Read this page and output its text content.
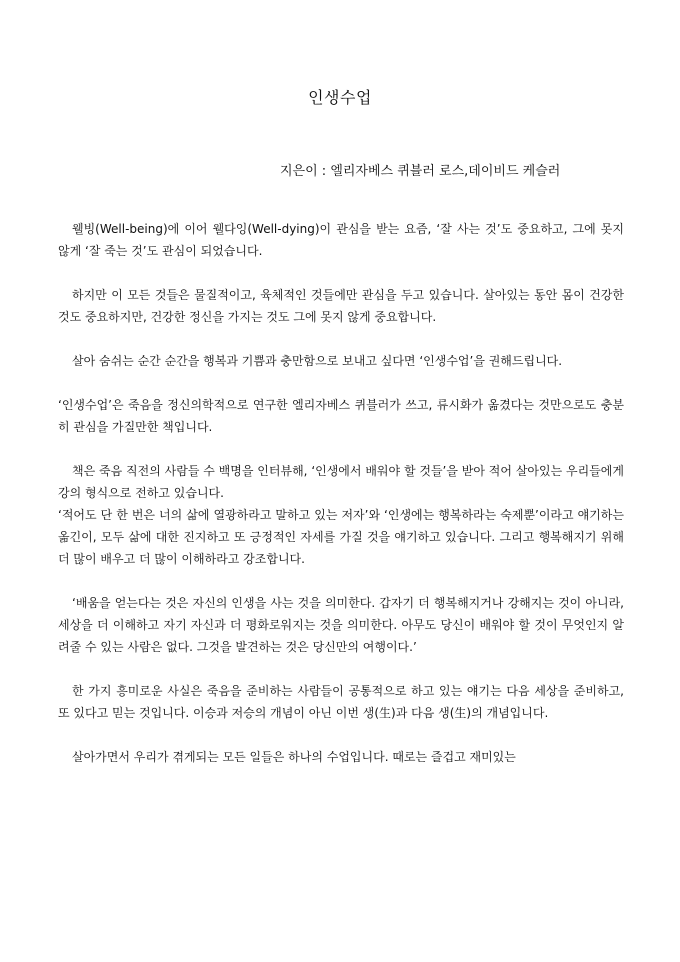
인생수업
지은이 : 엘리자베스 퀴블러 로스,데이비드 케슬러

웰빙(Well-being)에 이어 웰다잉(Well-dying)이 관심을 받는 요즘, ‘잘 사는 것’도 중요하고, 그에 못지 않게 ‘잘 죽는 것’도 관심이 되었습니다.

하지만 이 모든 것들은 물질적이고, 육체적인 것들에만 관심을 두고 있습니다. 살아있는 동안 몸이 건강한 것도 중요하지만, 건강한 정신을 가지는 것도 그에 못지 않게 중요합니다.

살아 숨쉬는 순간 순간을 행복과 기쁨과 충만함으로 보내고 싶다면 ‘인생수업’을 권해드립니다.

‘인생수업’은 죽음을 정신의학적으로 연구한 엘리자베스 퀴블러가 쓰고, 류시화가 옮겼다는 것만으로도 충분히 관심을 가질만한 책입니다.

책은 죽음 직전의 사람들 수 백명을 인터뷰해, ‘인생에서 배워야 할 것들’을 받아 적어 살아있는 우리들에게 강의 형식으로 전하고 있습니다.

‘적어도 단 한 번은 너의 삶에 열광하라고 말하고 있는 저자’와 ‘인생에는 행복하라는 숙제뿐’이라고 얘기하는 옮긴이, 모두 삶에 대한 진지하고 또 긍정적인 자세를 가질 것을 얘기하고 있습니다. 그리고 행복해지기 위해 더 많이 배우고 더 많이 이해하라고 강조합니다.

‘배움을 얻는다는 것은 자신의 인생을 사는 것을 의미한다. 갑자기 더 행복해지거나 강해지는 것이 아니라, 세상을 더 이해하고 자기 자신과 더 평화로워지는 것을 의미한다. 아무도 당신이 배워야 할 것이 무엇인지 알려줄 수 있는 사람은 없다. 그것을 발견하는 것은 당신만의 여행이다.’

한 가지 흥미로운 사실은 죽음을 준비하는 사람들이 공통적으로 하고 있는 얘기는 다음 세상을 준비하고, 또 있다고 믿는 것입니다. 이승과 저승의 개념이 아닌 이번 생(生)과 다음 생(生)의 개념입니다.

살아가면서 우리가 겪게되는 모든 일들은 하나의 수업입니다. 때로는 즐겁고 재미있는
